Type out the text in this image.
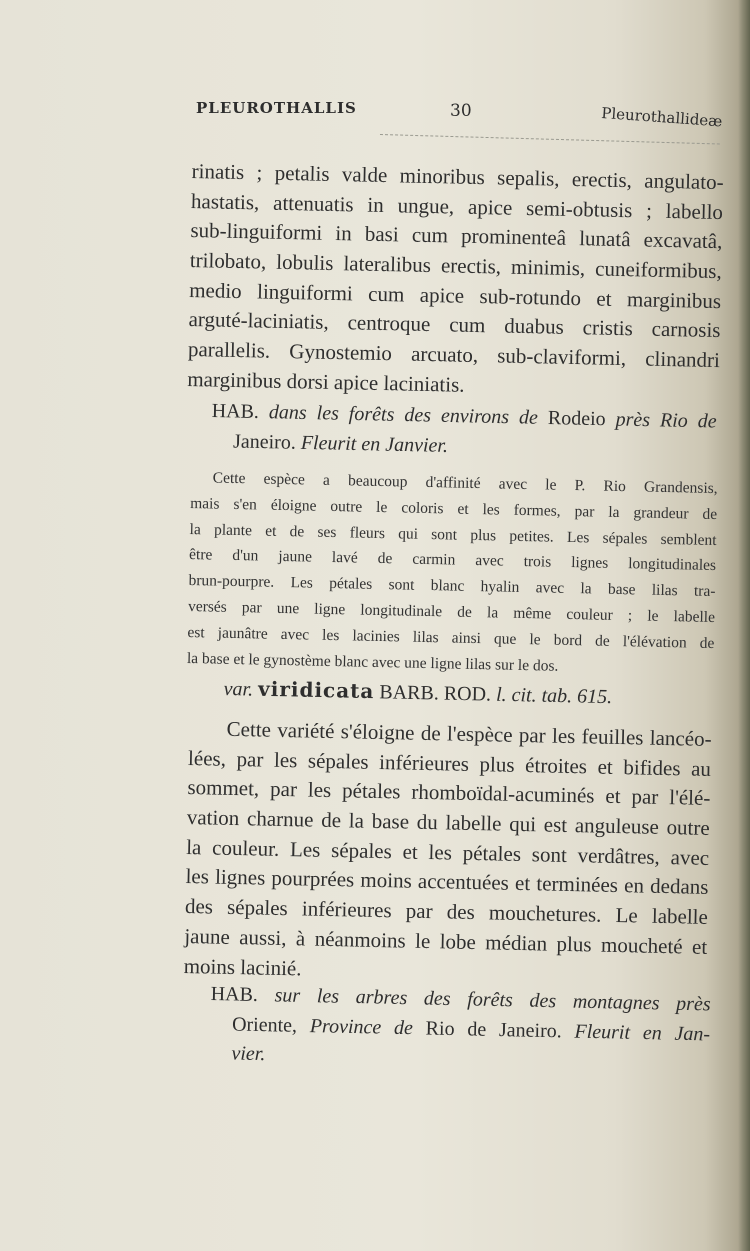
PLEUROTHALLIS	30	Pleurothallideæ
rinatis ; petalis valde minoribus sepalis, erectis, angulato-
hastatis, attenuatis in ungue, apice semi-obtusis ; labello
sub-linguiformi in basi cum prominenteâ lunatâ excavatâ,
trilobato, lobulis lateralibus erectis, minimis, cuneiformibus,
medio linguiformi cum apice sub-rotundo et marginibus
arguté-laciniatis, centroque cum duabus cristis carnosis
parallelis. Gynostemio arcuato, sub-claviformi, clinandri
marginibus dorsi apice laciniatis.
HAB. dans les forêts des environs de Rodeio près Rio de
Janeiro. Fleurit en Janvier.
Cette espèce a beaucoup d'affinité avec le P. Rio Grandensis,
mais s'en éloigne outre le coloris et les formes, par la grandeur de
la plante et de ses fleurs qui sont plus petites. Les sépales semblent
être d'un jaune lavé de carmin avec trois lignes longitudinales
brun-pourpre. Les pétales sont blanc hyalin avec la base lilas tra-
versés par une ligne longitudinale de la même couleur ; le labelle
est jaunâtre avec les lacinies lilas ainsi que le bord de l'élévation de
la base et le gynostème blanc avec une ligne lilas sur le dos.
var. viridicata BARB. ROD. l. cit. tab. 615.
Cette variété s'éloigne de l'espèce par les feuilles lancéo-
lées, par les sépales inférieures plus étroites et bifides au
sommet, par les pétales rhomboïdal-acuminés et par l'élé-
vation charnue de la base du labelle qui est anguleuse outre
la couleur. Les sépales et les pétales sont verdâtres, avec
les lignes pourprées moins accentuées et terminées en dedans
des sépales inférieures par des mouchetures. Le labelle
jaune aussi, à néanmoins le lobe médian plus moucheté et
moins lacinié.
HAB. sur les arbres des forêts des montagnes près
Oriente, Province de Rio de Janeiro. Fleurit en Jan-
vier.
